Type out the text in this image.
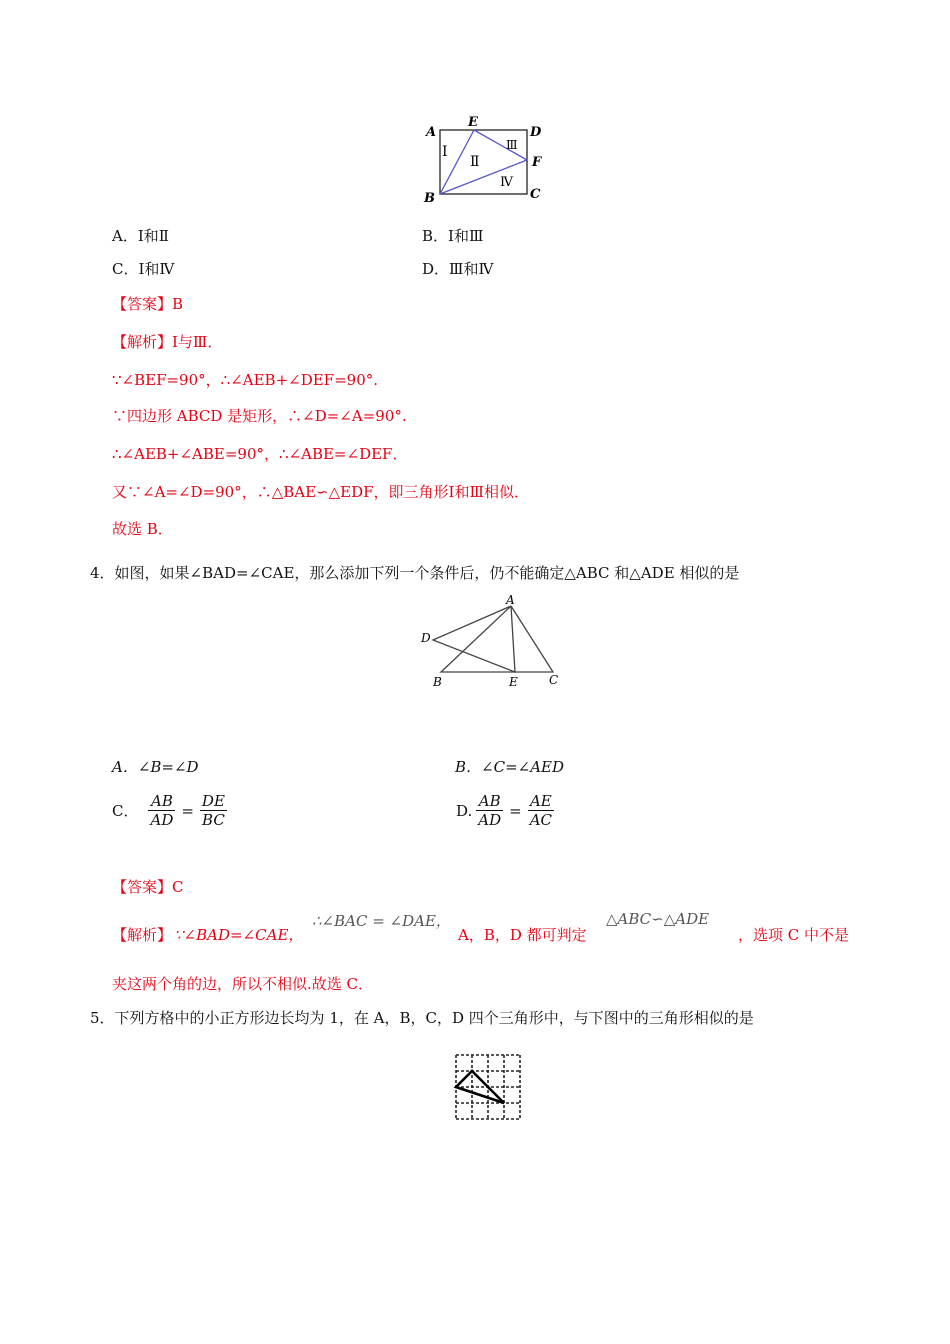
A
E
D
F
B	C
Ⅰ
Ⅱ
Ⅲ
Ⅳ
A．Ⅰ和Ⅱ	B．Ⅰ和Ⅲ
C．Ⅰ和Ⅳ	D．Ⅲ和Ⅳ
【答案】B
【解析】Ⅰ与Ⅲ．
∵∠BEF=90°，∴∠AEB+∠DEF=90°.
∵四边形 ABCD 是矩形，∴∠D=∠A=90°.
∴∠AEB+∠ABE=90°，∴∠ABE=∠DEF．
又∵∠A=∠D=90°，∴△BAE∽△EDF，即三角形Ⅰ和Ⅲ相似．
故选 B．
4．如图，如果∠BAD=∠CAE，那么添加下列一个条件后，仍不能确定△ABC 和△ADE 相似的是
A
D
B	E	C
A．∠B=∠D	B．∠C=∠AED
C． $\frac{AB}{AD} = \frac{DE}{BC}$	D. $\frac{AB}{AD} = \frac{AE}{AC}$
【答案】C
【解析】 ∵∠BAD=∠CAE，
∴∠BAC = ∠DAE，
A，B，D 都可判定
△ABC∽△ADE
，选项 C 中不是
夹这两个角的边，所以不相似.故选 C．
5．下列方格中的小正方形边长均为 1，在 A，B，C，D 四个三角形中，与下图中的三角形相似的是
